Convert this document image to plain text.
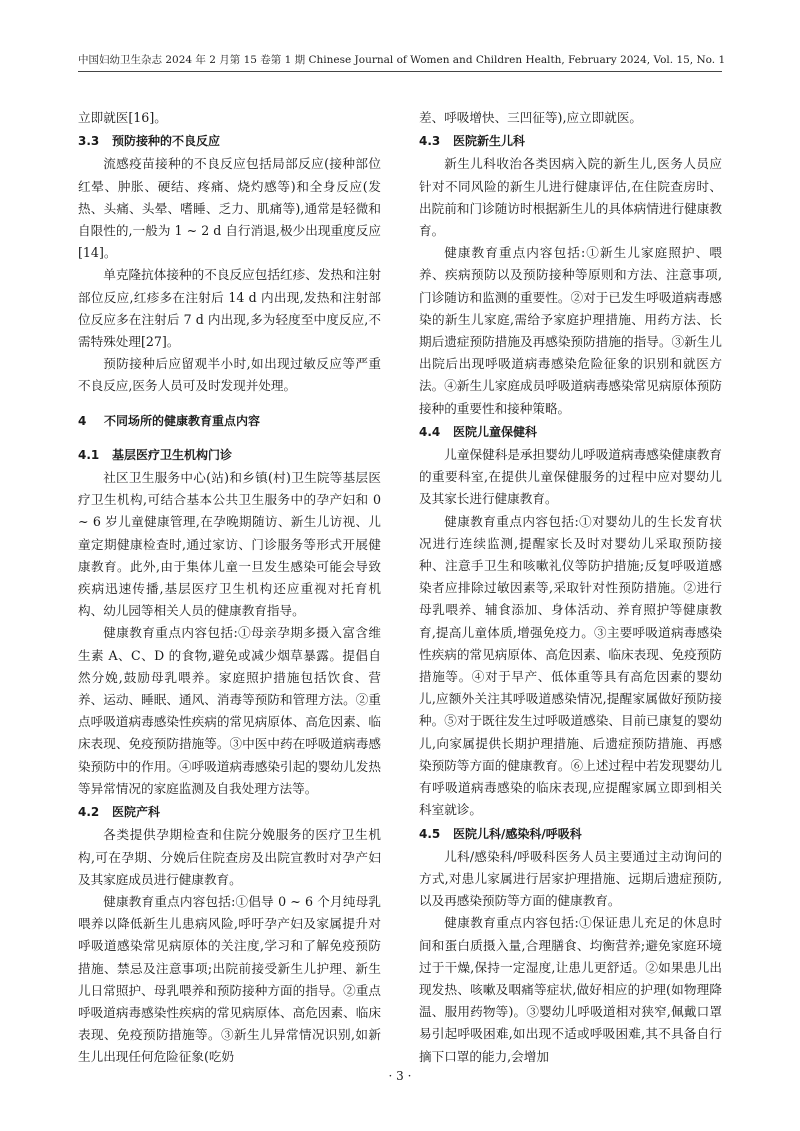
中国妇幼卫生杂志 2024 年 2 月第 15 卷第 1 期 Chinese Journal of Women and Children Health, February 2024, Vol. 15, No. 1

立即就医[16]。

3.3 预防接种的不良反应

流感疫苗接种的不良反应包括局部反应(接种部位红晕、肿胀、硬结、疼痛、烧灼感等)和全身反应(发热、头痛、头晕、嗜睡、乏力、肌痛等),通常是轻微和自限性的,一般为 1 ~ 2 d 自行消退,极少出现重度反应[14]。

单克隆抗体接种的不良反应包括红疹、发热和注射部位反应,红疹多在注射后 14 d 内出现,发热和注射部位反应多在注射后 7 d 内出现,多为轻度至中度反应,不需特殊处理[27]。

预防接种后应留观半小时,如出现过敏反应等严重不良反应,医务人员可及时发现并处理。

4 不同场所的健康教育重点内容
4.1 基层医疗卫生机构门诊

社区卫生服务中心(站)和乡镇(村)卫生院等基层医疗卫生机构,可结合基本公共卫生服务中的孕产妇和 0 ~ 6 岁儿童健康管理,在孕晚期随访、新生儿访视、儿童定期健康检查时,通过家访、门诊服务等形式开展健康教育。此外,由于集体儿童一旦发生感染可能会导致疾病迅速传播,基层医疗卫生机构还应重视对托育机构、幼儿园等相关人员的健康教育指导。

健康教育重点内容包括:①母亲孕期多摄入富含维生素 A、C、D 的食物,避免或减少烟草暴露。提倡自然分娩,鼓励母乳喂养。家庭照护措施包括饮食、营养、运动、睡眠、通风、消毒等预防和管理方法。②重点呼吸道病毒感染性疾病的常见病原体、高危因素、临床表现、免疫预防措施等。③中医中药在呼吸道病毒感染预防中的作用。④呼吸道病毒感染引起的婴幼儿发热等异常情况的家庭监测及自我处理方法等。

4.2 医院产科

各类提供孕期检查和住院分娩服务的医疗卫生机构,可在孕期、分娩后住院查房及出院宣教时对孕产妇及其家庭成员进行健康教育。

健康教育重点内容包括:①倡导 0 ~ 6 个月纯母乳喂养以降低新生儿患病风险,呼吁孕产妇及家属提升对呼吸道感染常见病原体的关注度,学习和了解免疫预防措施、禁忌及注意事项;出院前接受新生儿护理、新生儿日常照护、母乳喂养和预防接种方面的指导。②重点呼吸道病毒感染性疾病的常见病原体、高危因素、临床表现、免疫预防措施等。③新生儿异常情况识别,如新生儿出现任何危险征象(吃奶

差、呼吸增快、三凹征等),应立即就医。

4.3 医院新生儿科

新生儿科收治各类因病入院的新生儿,医务人员应针对不同风险的新生儿进行健康评估,在住院查房时、出院前和门诊随访时根据新生儿的具体病情进行健康教育。

健康教育重点内容包括:①新生儿家庭照护、喂养、疾病预防以及预防接种等原则和方法、注意事项,门诊随访和监测的重要性。②对于已发生呼吸道病毒感染的新生儿家庭,需给予家庭护理措施、用药方法、长期后遗症预防措施及再感染预防措施的指导。③新生儿出院后出现呼吸道病毒感染危险征象的识别和就医方法。④新生儿家庭成员呼吸道病毒感染常见病原体预防接种的重要性和接种策略。

4.4 医院儿童保健科

儿童保健科是承担婴幼儿呼吸道病毒感染健康教育的重要科室,在提供儿童保健服务的过程中应对婴幼儿及其家长进行健康教育。

健康教育重点内容包括:①对婴幼儿的生长发育状况进行连续监测,提醒家长及时对婴幼儿采取预防接种、注意手卫生和咳嗽礼仪等防护措施;反复呼吸道感染者应排除过敏因素等,采取针对性预防措施。②进行母乳喂养、辅食添加、身体活动、养育照护等健康教育,提高儿童体质,增强免疫力。③主要呼吸道病毒感染性疾病的常见病原体、高危因素、临床表现、免疫预防措施等。④对于早产、低体重等具有高危因素的婴幼儿,应额外关注其呼吸道感染情况,提醒家属做好预防接种。⑤对于既往发生过呼吸道感染、目前已康复的婴幼儿,向家属提供长期护理措施、后遗症预防措施、再感染预防等方面的健康教育。⑥上述过程中若发现婴幼儿有呼吸道病毒感染的临床表现,应提醒家属立即到相关科室就诊。

4.5 医院儿科/感染科/呼吸科

儿科/感染科/呼吸科医务人员主要通过主动询问的方式,对患儿家属进行居家护理措施、远期后遗症预防,以及再感染预防等方面的健康教育。

健康教育重点内容包括:①保证患儿充足的休息时间和蛋白质摄入量,合理膳食、均衡营养;避免家庭环境过于干燥,保持一定湿度,让患儿更舒适。②如果患儿出现发热、咳嗽及咽痛等症状,做好相应的护理(如物理降温、服用药物等)。③婴幼儿呼吸道相对狭窄,佩戴口罩易引起呼吸困难,如出现不适或呼吸困难,其不具备自行摘下口罩的能力,会增加

· 3 ·
